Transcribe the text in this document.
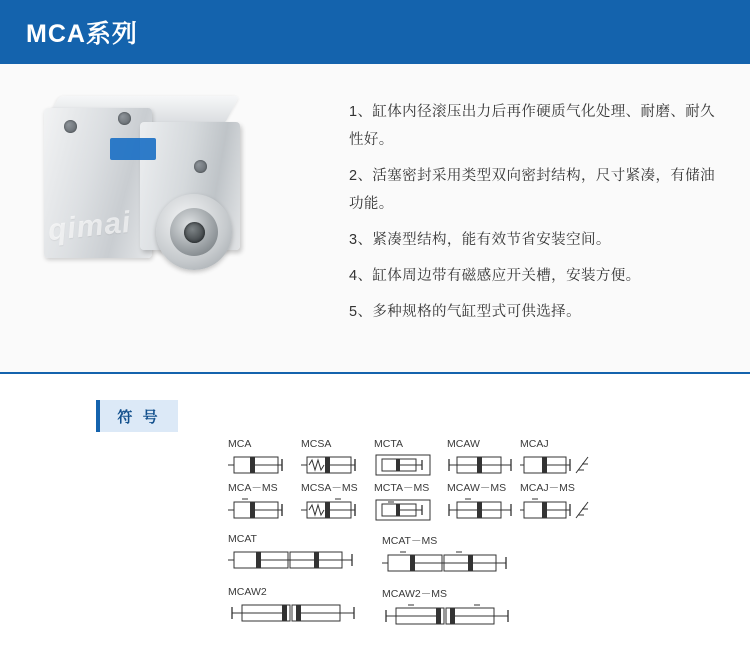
MCA系列
qimai
1、缸体内径滚压出力后再作硬质气化处理、耐磨、耐久性好。
2、活塞密封采用类型双向密封结构，尺寸紧凑，有储油功能。
3、紧凑型结构，能有效节省安装空间。
4、缸体周边带有磁感应开关槽，安装方便。
5、多种规格的气缸型式可供选择。
符 号
MCA	MCSA	MCTA	MCAW	MCAJ
MCA－MS	MCSA－MS	MCTA－MS	MCAW－MS	MCAJ－MS
MCAT	MCAT－MS
MCAW2	MCAW2－MS
